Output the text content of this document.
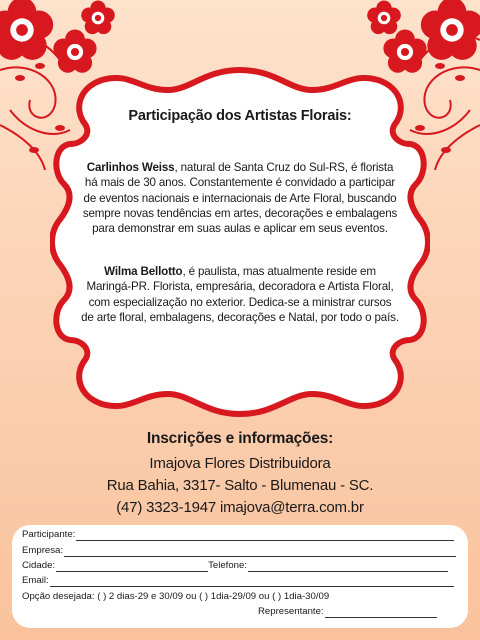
Participação dos Artistas Florais:
Carlinhos Weiss, natural de Santa Cruz do Sul-RS, é florista
há mais de 30 anos. Constantemente é convidado a participar
de eventos nacionais e internacionais de Arte Floral, buscando
sempre novas tendências em artes, decorações e embalagens
para demonstrar em suas aulas e aplicar em seus eventos.
Wilma Bellotto, é paulista, mas atualmente reside em
Maringá-PR. Florista, empresária, decoradora e Artista Floral,
com especialização no exterior. Dedica-se a ministrar cursos
de arte floral, embalagens, decorações e Natal, por todo o país.
Inscrições e informações:
Imajova Flores Distribuidora
Rua Bahia, 3317- Salto - Blumenau - SC.
(47) 3323-1947 imajova@terra.com.br
Participante:
Empresa:
Cidade:	Telefone:
Email:
Opção desejada: ( ) 2 dias-29 e 30/09 ou ( ) 1dia-29/09 ou ( ) 1dia-30/09
Representante:
